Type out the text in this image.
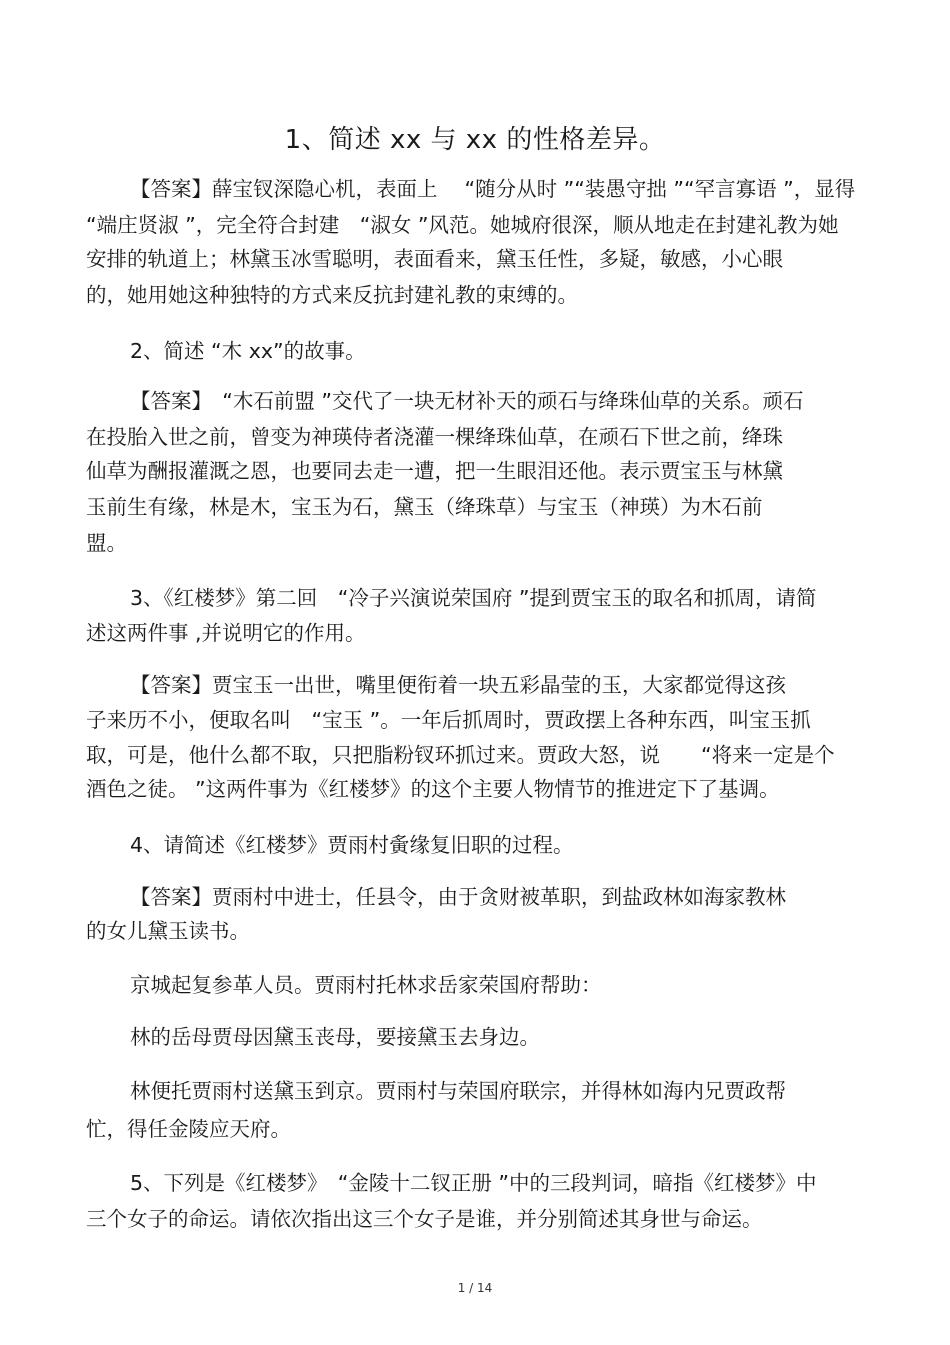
1、简述 xx 与 xx 的性格差异。
【答案】薛宝钗深隐心机，表面上　 “随分从时 ”“装愚守拙 ”“罕言寡语 ”，显得
“端庄贤淑 ”，完全符合封建　“淑女 ”风范。她城府很深，顺从地走在封建礼教为她
安排的轨道上；林黛玉冰雪聪明，表面看来，黛玉任性，多疑，敏感，小心眼
的，她用她这种独特的方式来反抗封建礼教的束缚的。
2、简述 “木 xx”的故事。
【答案】　“木石前盟 ”交代了一块无材补天的顽石与绛珠仙草的关系。顽石
在投胎入世之前，曾变为神瑛侍者浇灌一棵绛珠仙草，在顽石下世之前，绛珠
仙草为酬报灌溉之恩，也要同去走一遭，把一生眼泪还他。表示贾宝玉与林黛
玉前生有缘，林是木，宝玉为石，黛玉（绛珠草）与宝玉（神瑛）为木石前
盟。
3、《红楼梦》第二回　“冷子兴演说荣国府 ”提到贾宝玉的取名和抓周，请简
述这两件事 ,并说明它的作用。
【答案】贾宝玉一出世，嘴里便衔着一块五彩晶莹的玉，大家都觉得这孩
子来历不小，便取名叫　“宝玉 ”。一年后抓周时，贾政摆上各种东西，叫宝玉抓
取，可是，他什么都不取，只把脂粉钗环抓过来。贾政大怒，说　　“将来一定是个
酒色之徒。 ”这两件事为《红楼梦》的这个主要人物情节的推进定下了基调。
4、请简述《红楼梦》贾雨村夤缘复旧职的过程。
【答案】贾雨村中进士，任县令，由于贪财被革职，到盐政林如海家教林
的女儿黛玉读书。
京城起复参革人员。贾雨村托林求岳家荣国府帮助：
林的岳母贾母因黛玉丧母，要接黛玉去身边。
林便托贾雨村送黛玉到京。贾雨村与荣国府联宗，并得林如海内兄贾政帮
忙，得任金陵应天府。
5、下列是《红楼梦》　“金陵十二钗正册 ”中的三段判词，暗指《红楼梦》中
三个女子的命运。请依次指出这三个女子是谁，并分别简述其身世与命运。
1 / 14
